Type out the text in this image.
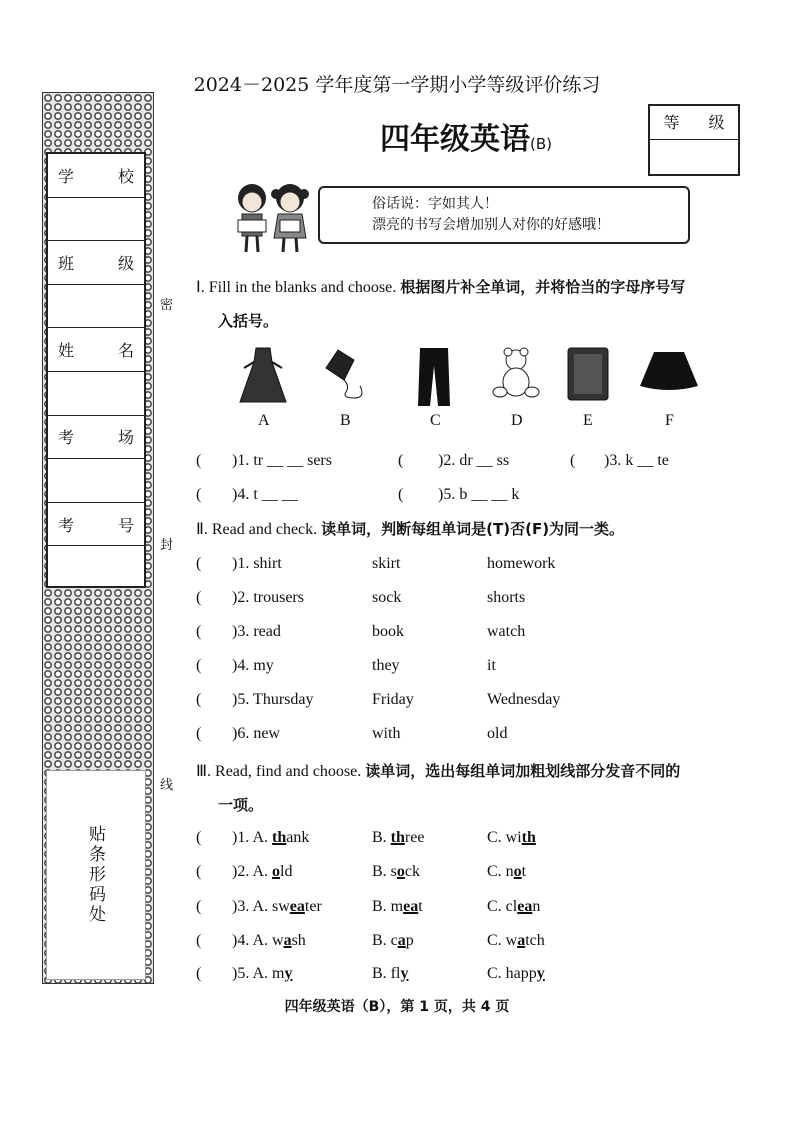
学	校
班	级
姓	名
考	场
考	号
贴条形码处
密
封
线
2024－2025 学年度第一学期小学等级评价练习
四年级英语(B)
等 级
俗话说：字如其人！
漂亮的书写会增加别人对你的好感哦！
Ⅰ. Fill in the blanks and choose. 根据图片补全单词，并将恰当的字母序号写
入括号。
A	B	C	D	E	F
( )1. tr __ __ sers	( )2. dr __ ss	( )3. k __ te
( )4. t __ __	( )5. b __ __ k
Ⅱ. Read and check. 读单词，判断每组单词是(T)否(F)为同一类。
( )1. shirt	skirt	homework
( )2. trousers	sock	shorts
( )3. read	book	watch
( )4. my	they	it
( )5. Thursday	Friday	Wednesday
( )6. new	with	old
Ⅲ. Read, find and choose. 读单词，选出每组单词加粗划线部分发音不同的
一项。
( )1. A. thank	B. three	C. with
( )2. A. old	B. sock	C. not
( )3. A. sweater	B. meat	C. clean
( )4. A. wash	B. cap	C. watch
( )5. A. my	B. fly	C. happy
四年级英语（B），第 1 页，共 4 页
